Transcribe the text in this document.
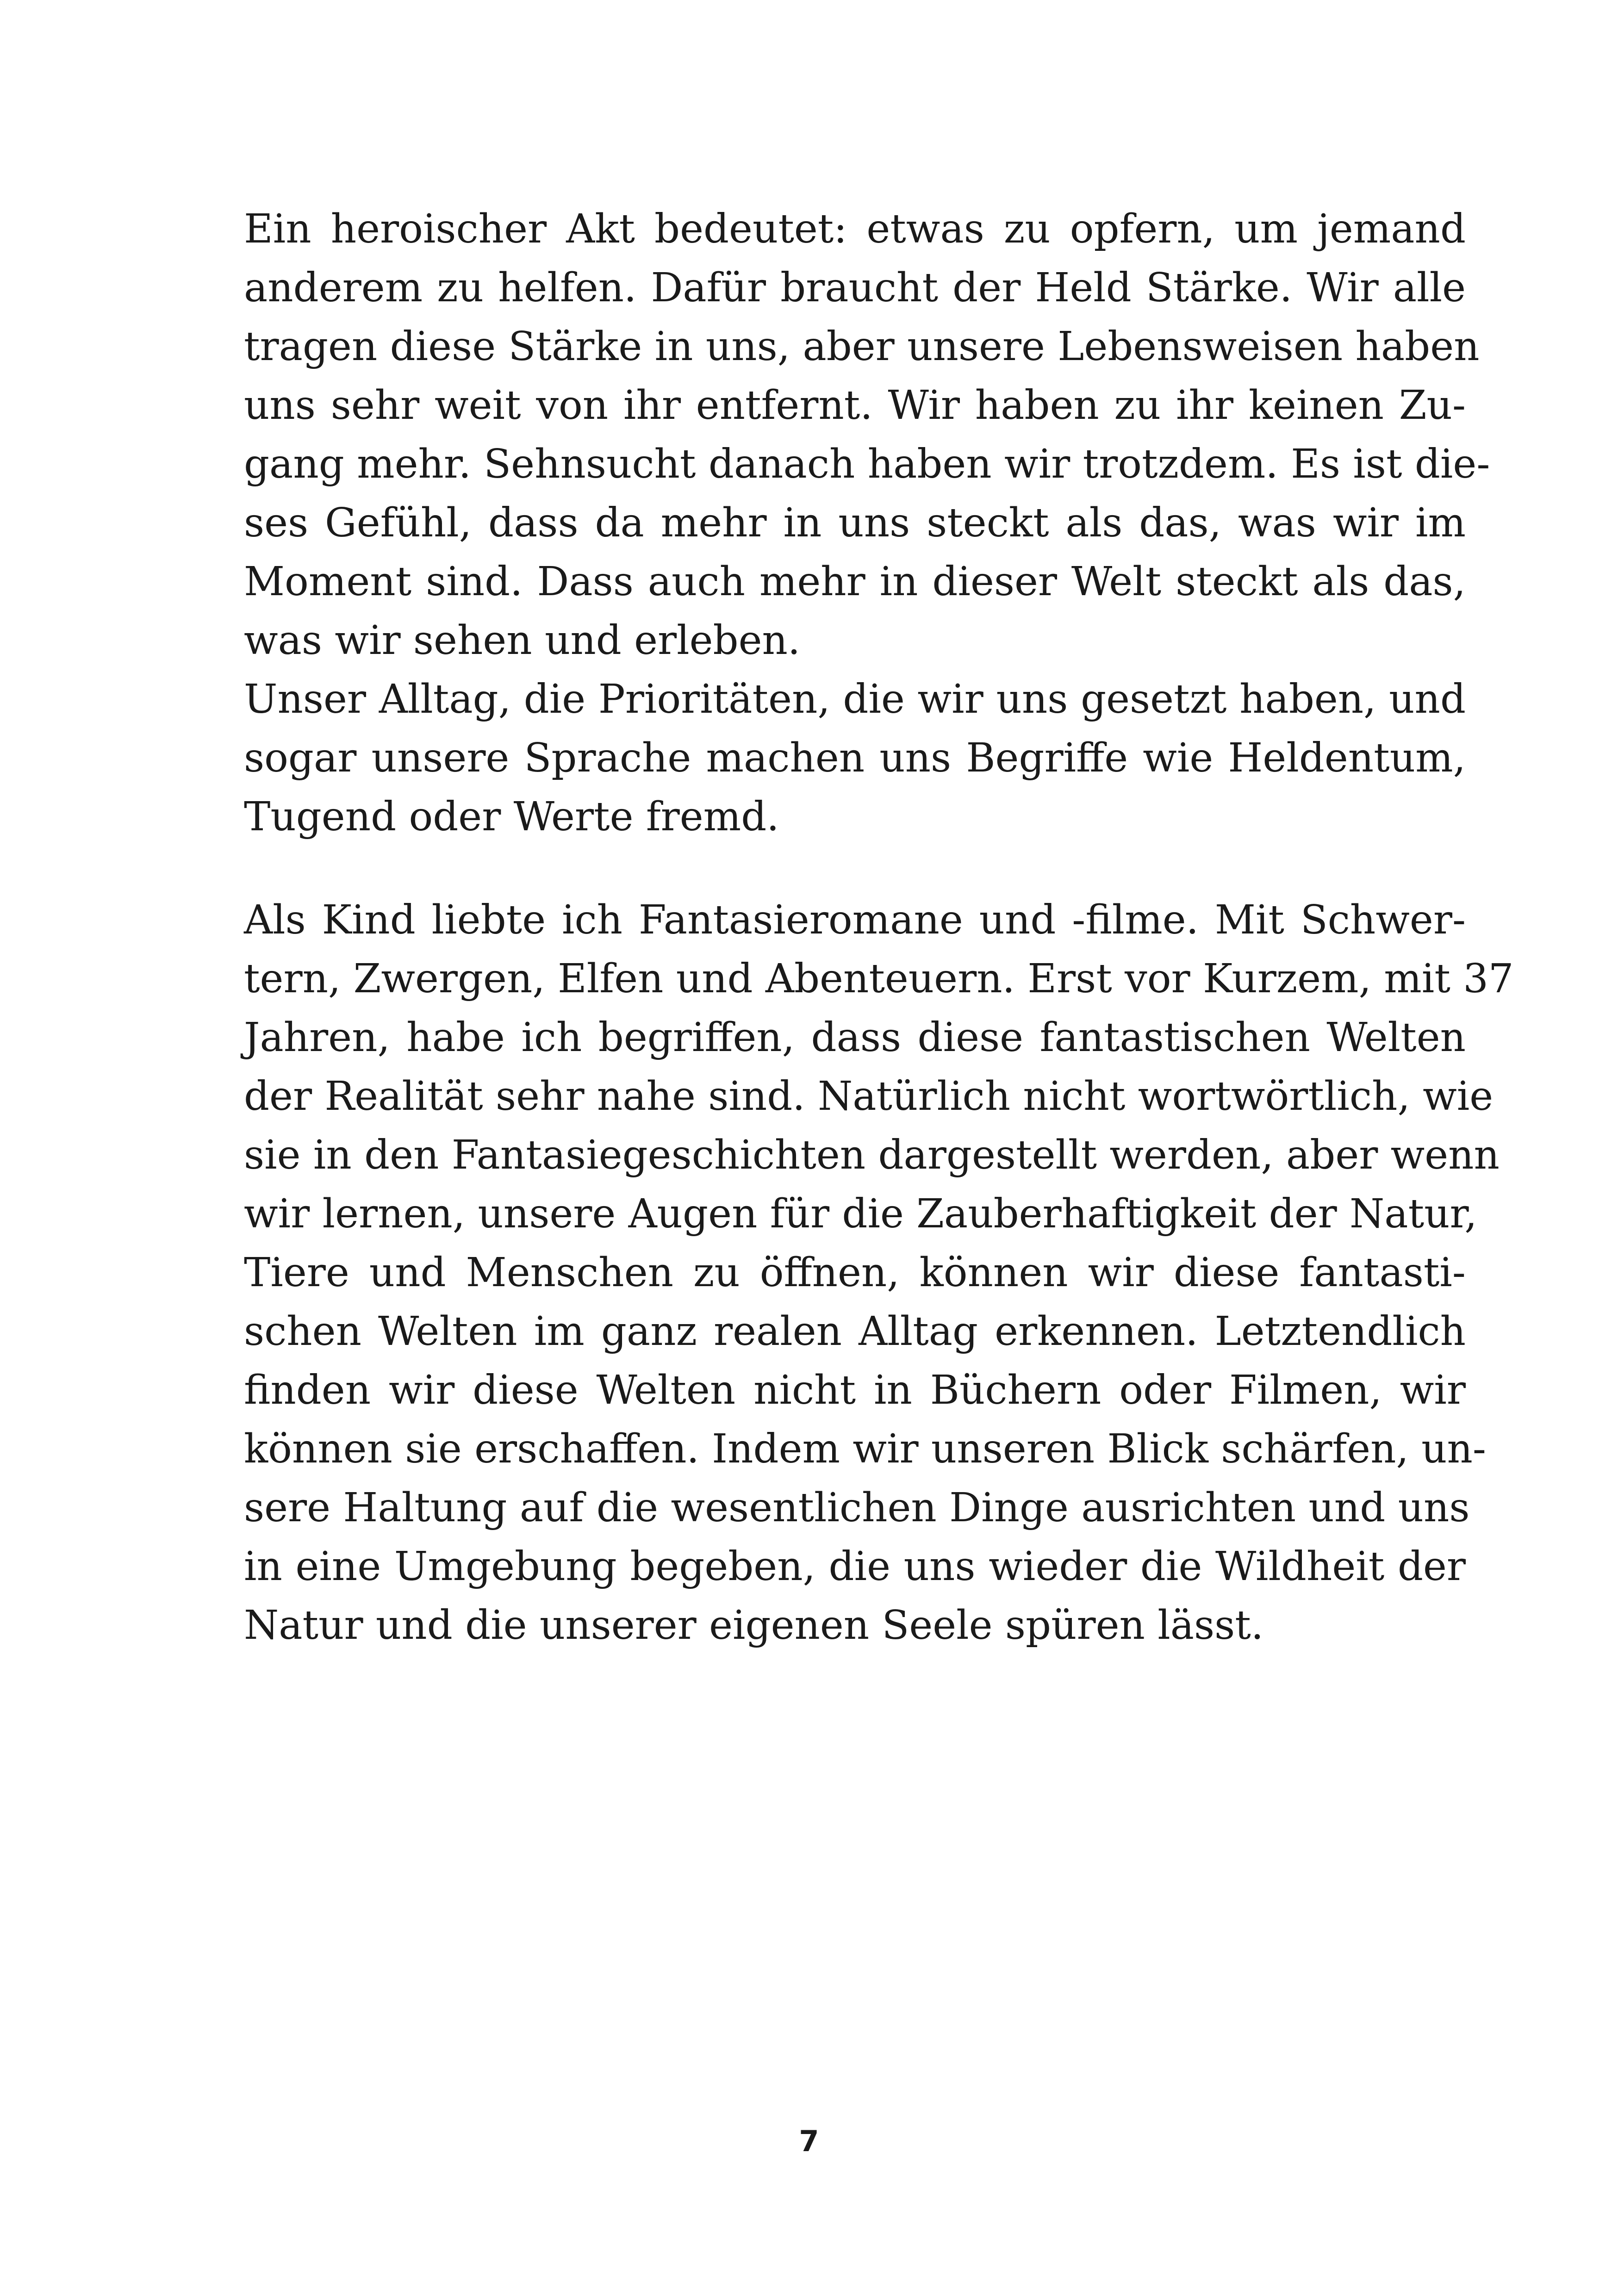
Ein heroischer Akt bedeutet: etwas zu opfern, um jemand
anderem zu helfen. Dafür braucht der Held Stärke. Wir alle
tragen diese Stärke in uns, aber unsere Lebensweisen haben
uns sehr weit von ihr entfernt. Wir haben zu ihr keinen Zu-
gang mehr. Sehnsucht danach haben wir trotzdem. Es ist die-
ses Gefühl, dass da mehr in uns steckt als das, was wir im
Moment sind. Dass auch mehr in dieser Welt steckt als das,
was wir sehen und erleben.
Unser Alltag, die Prioritäten, die wir uns gesetzt haben, und
sogar unsere Sprache machen uns Begriffe wie Heldentum,
Tugend oder Werte fremd.
Als Kind liebte ich Fantasieromane und -filme. Mit Schwer-
tern, Zwergen, Elfen und Abenteuern. Erst vor Kurzem, mit 37
Jahren, habe ich begriffen, dass diese fantastischen Welten
der Realität sehr nahe sind. Natürlich nicht wortwörtlich, wie
sie in den Fantasiegeschichten dargestellt werden, aber wenn
wir lernen, unsere Augen für die Zauberhaftigkeit der Natur,
Tiere und Menschen zu öffnen, können wir diese fantasti-
schen Welten im ganz realen Alltag erkennen. Letztendlich
finden wir diese Welten nicht in Büchern oder Filmen, wir
können sie erschaffen. Indem wir unseren Blick schärfen, un-
sere Haltung auf die wesentlichen Dinge ausrichten und uns
in eine Umgebung begeben, die uns wieder die Wildheit der
Natur und die unserer eigenen Seele spüren lässt.
7
